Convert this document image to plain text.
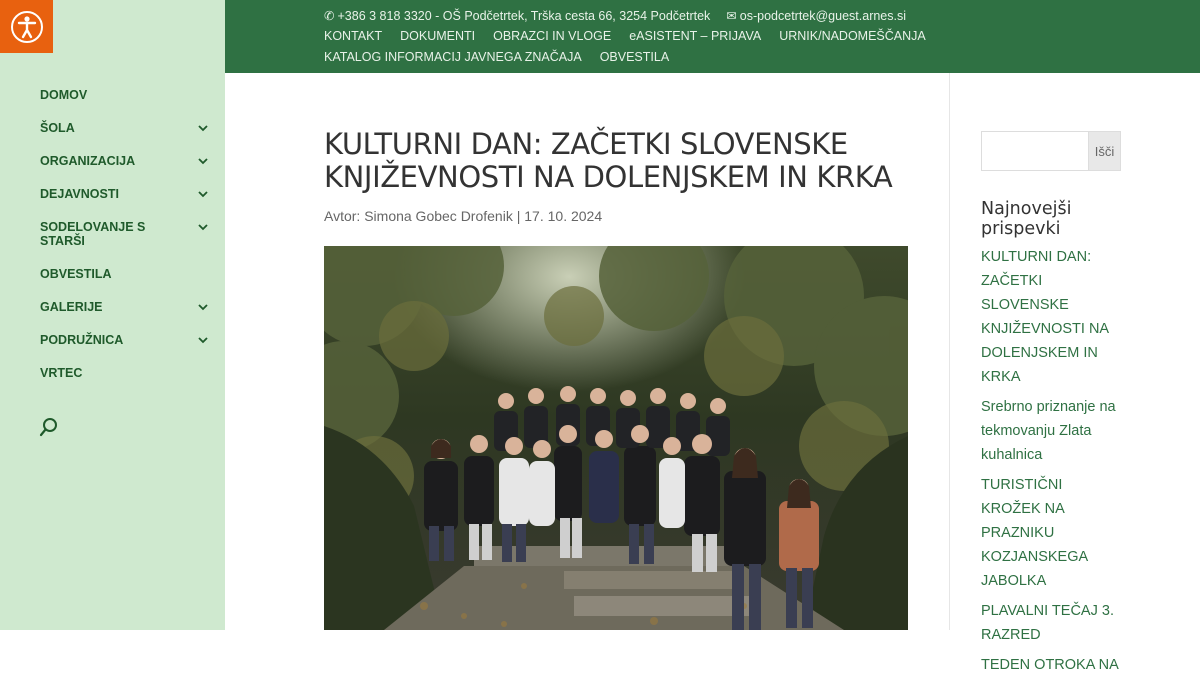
DOMOV
ŠOLA
ORGANIZACIJA
DEJAVNOSTI
SODELOVANJE S STARŠI
OBVESTILA
GALERIJE
PODRUŽNICA
VRTEC
✆ +386 3 818 3320 - OŠ Podčetrtek, Trška cesta 66, 3254 Podčetrtek ✉ os-podcetrtek@guest.arnes.si
KONTAKT DOKUMENTI OBRAZCI IN VLOGE eASISTENT – PRIJAVA URNIK/NADOMEŠČANJA
KATALOG INFORMACIJ JAVNEGA ZNAČAJA OBVESTILA
KULTURNI DAN: ZAČETKI SLOVENSKE KNJIŽEVNOSTI NA DOLENJSKEM IN KRKA
Avtor: Simona Gobec Drofenik | 17. 10. 2024
Išči
Najnovejši prispevki
KULTURNI DAN: ZAČETKI SLOVENSKE KNJIŽEVNOSTI NA DOLENJSKEM IN KRKA
Srebrno priznanje na tekmovanju Zlata kuhalnica
TURISTIČNI KROŽEK NA PRAZNIKU KOZJANSKEGA JABOLKA
PLAVALNI TEČAJ 3. RAZRED
TEDEN OTROKA NA
